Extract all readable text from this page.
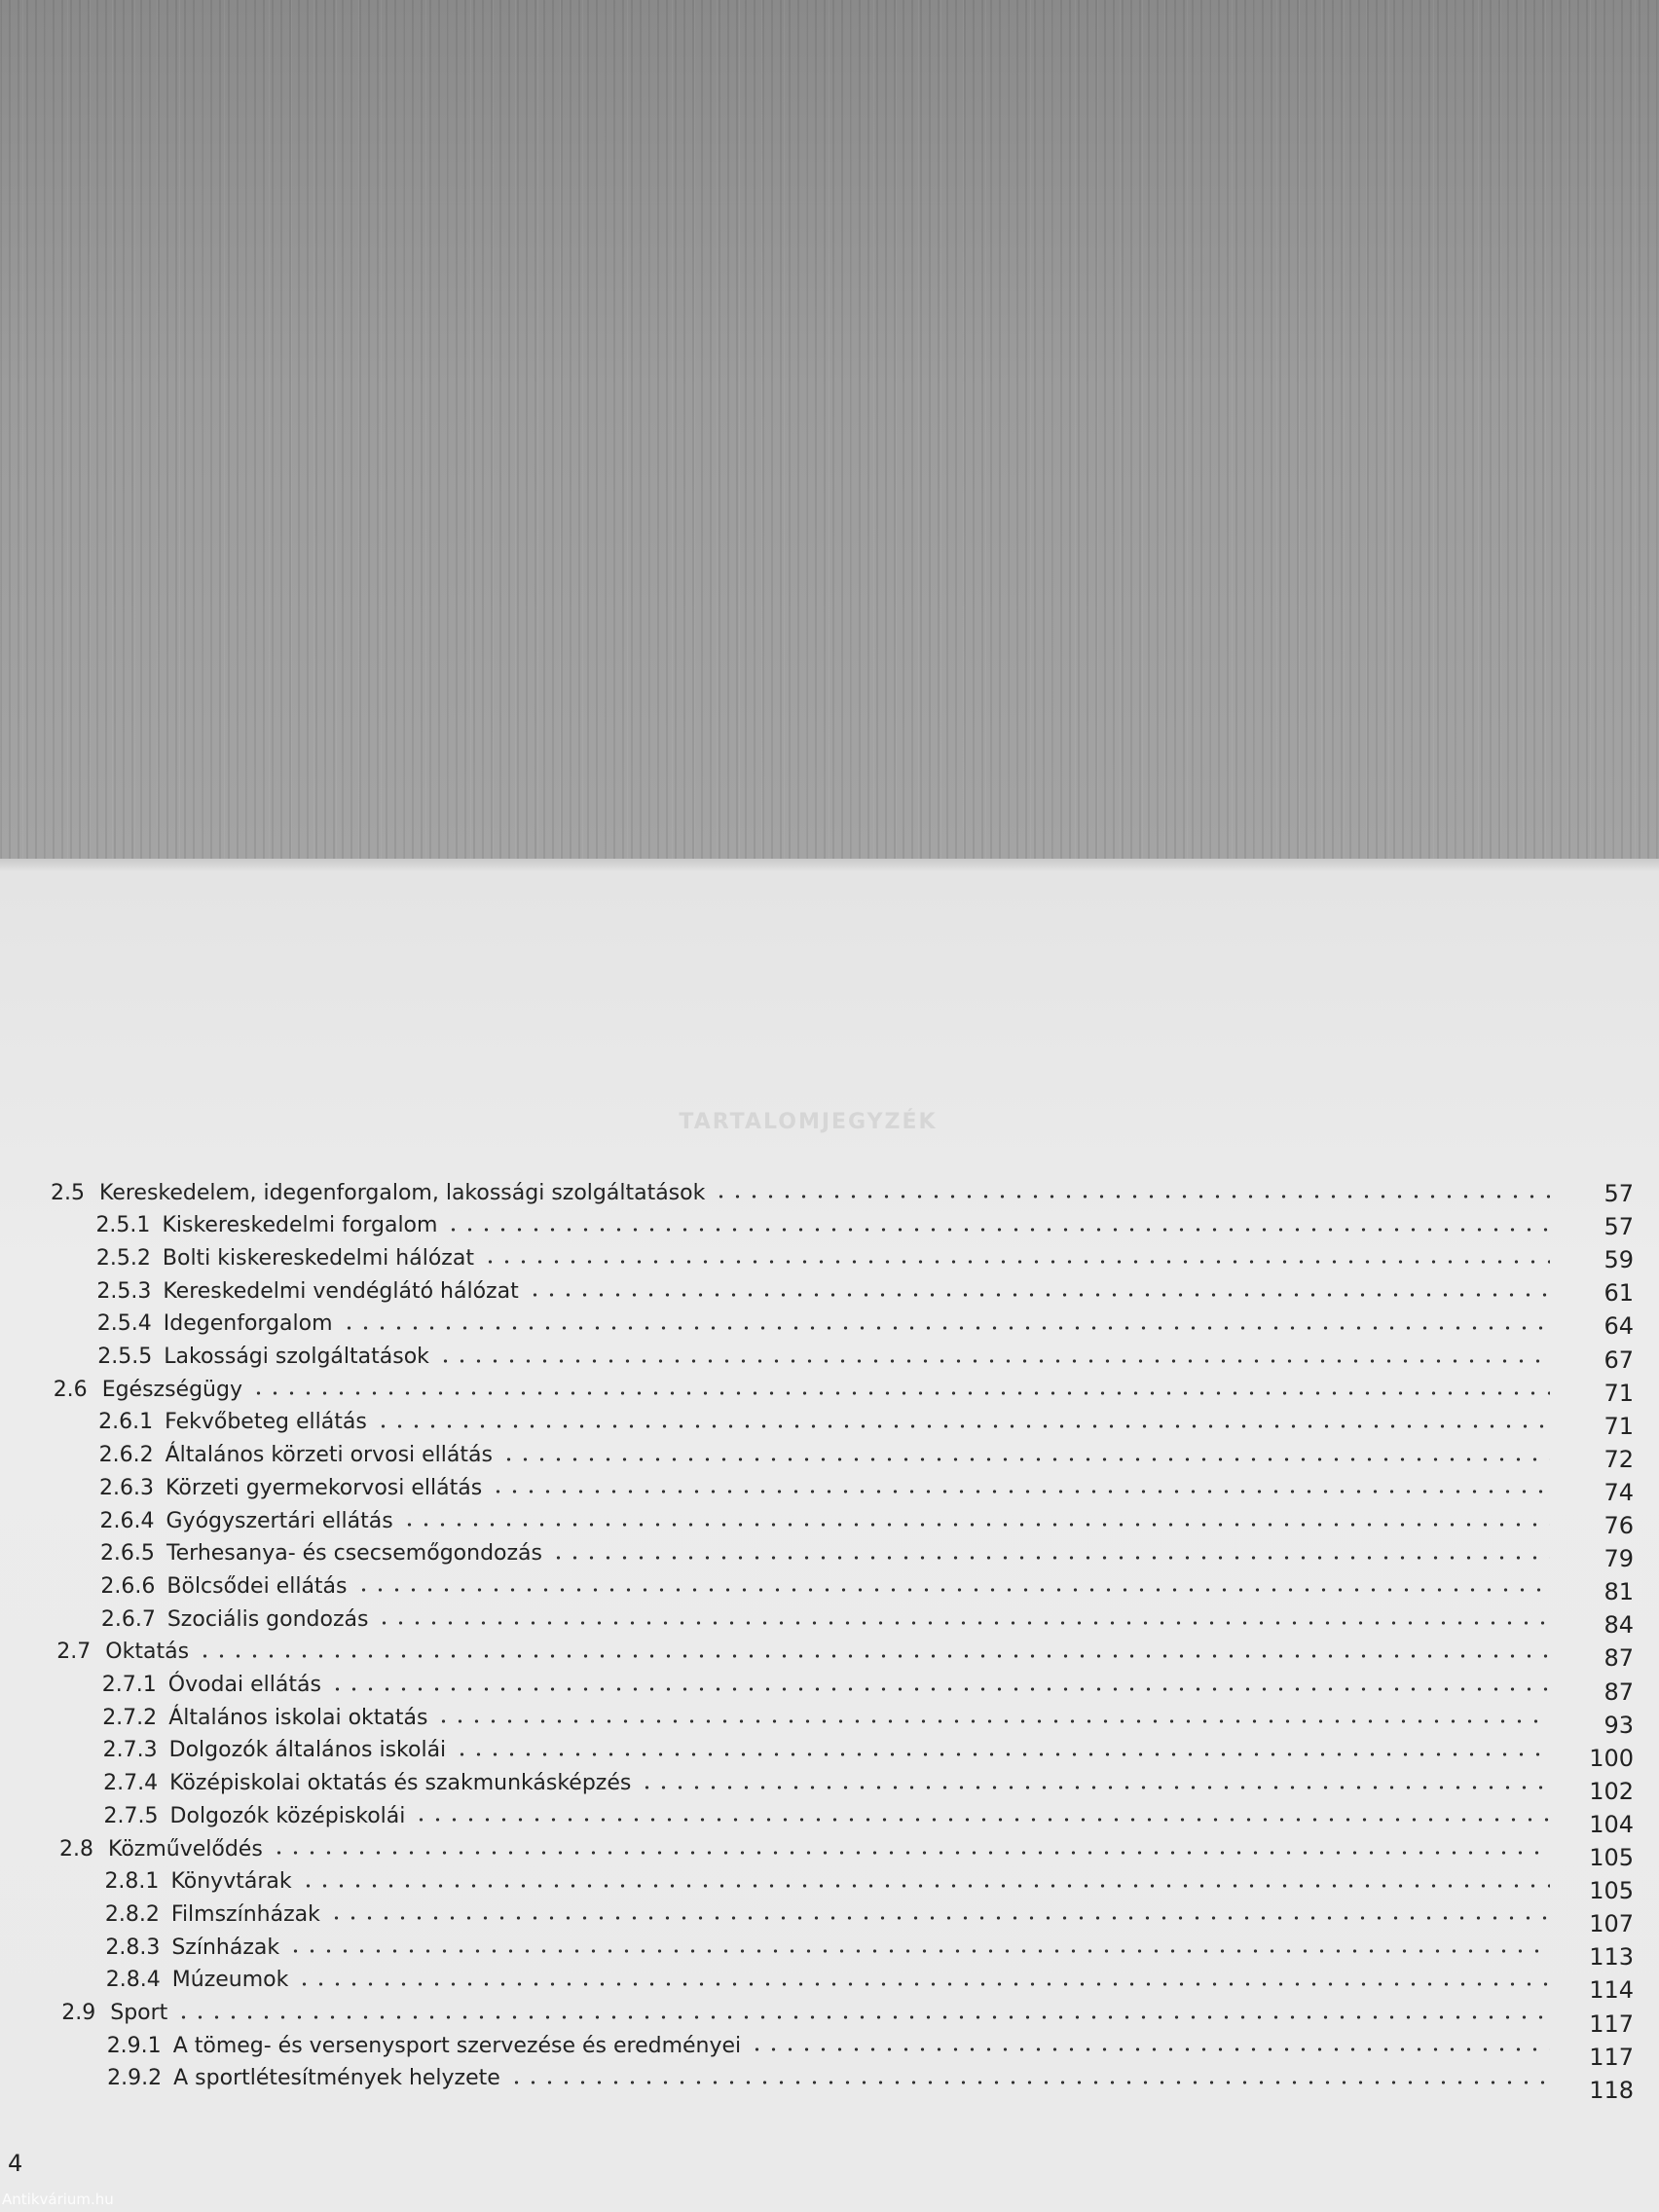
TARTALOMJEGYZÉK
2.5 Kereskedelem, idegenforgalom, lakossági szolgáltatások
2.5.1 Kiskereskedelmi forgalom
2.5.2 Bolti kiskereskedelmi hálózat
2.5.3 Kereskedelmi vendéglátó hálózat
2.5.4 Idegenforgalom
2.5.5 Lakossági szolgáltatások
2.6 Egészségügy
2.6.1 Fekvőbeteg ellátás
2.6.2 Általános körzeti orvosi ellátás
2.6.3 Körzeti gyermekorvosi ellátás
2.6.4 Gyógyszertári ellátás
2.6.5 Terhesanya- és csecsemőgondozás
2.6.6 Bölcsődei ellátás
2.6.7 Szociális gondozás
2.7 Oktatás
2.7.1 Óvodai ellátás
2.7.2 Általános iskolai oktatás
2.7.3 Dolgozók általános iskolái
2.7.4 Középiskolai oktatás és szakmunkásképzés
2.7.5 Dolgozók középiskolái
2.8 Közművelődés
2.8.1 Könyvtárak
2.8.2 Filmszínházak
2.8.3 Színházak
2.8.4 Múzeumok
2.9 Sport
2.9.1 A tömeg- és versenysport szervezése és eredményei
2.9.2 A sportlétesítmények helyzete
57
57
59
61
64
67
71
71
72
74
76
79
81
84
87
87
93
100
102
104
105
105
107
113
114
117
117
118
4
Antikvárium.hu
